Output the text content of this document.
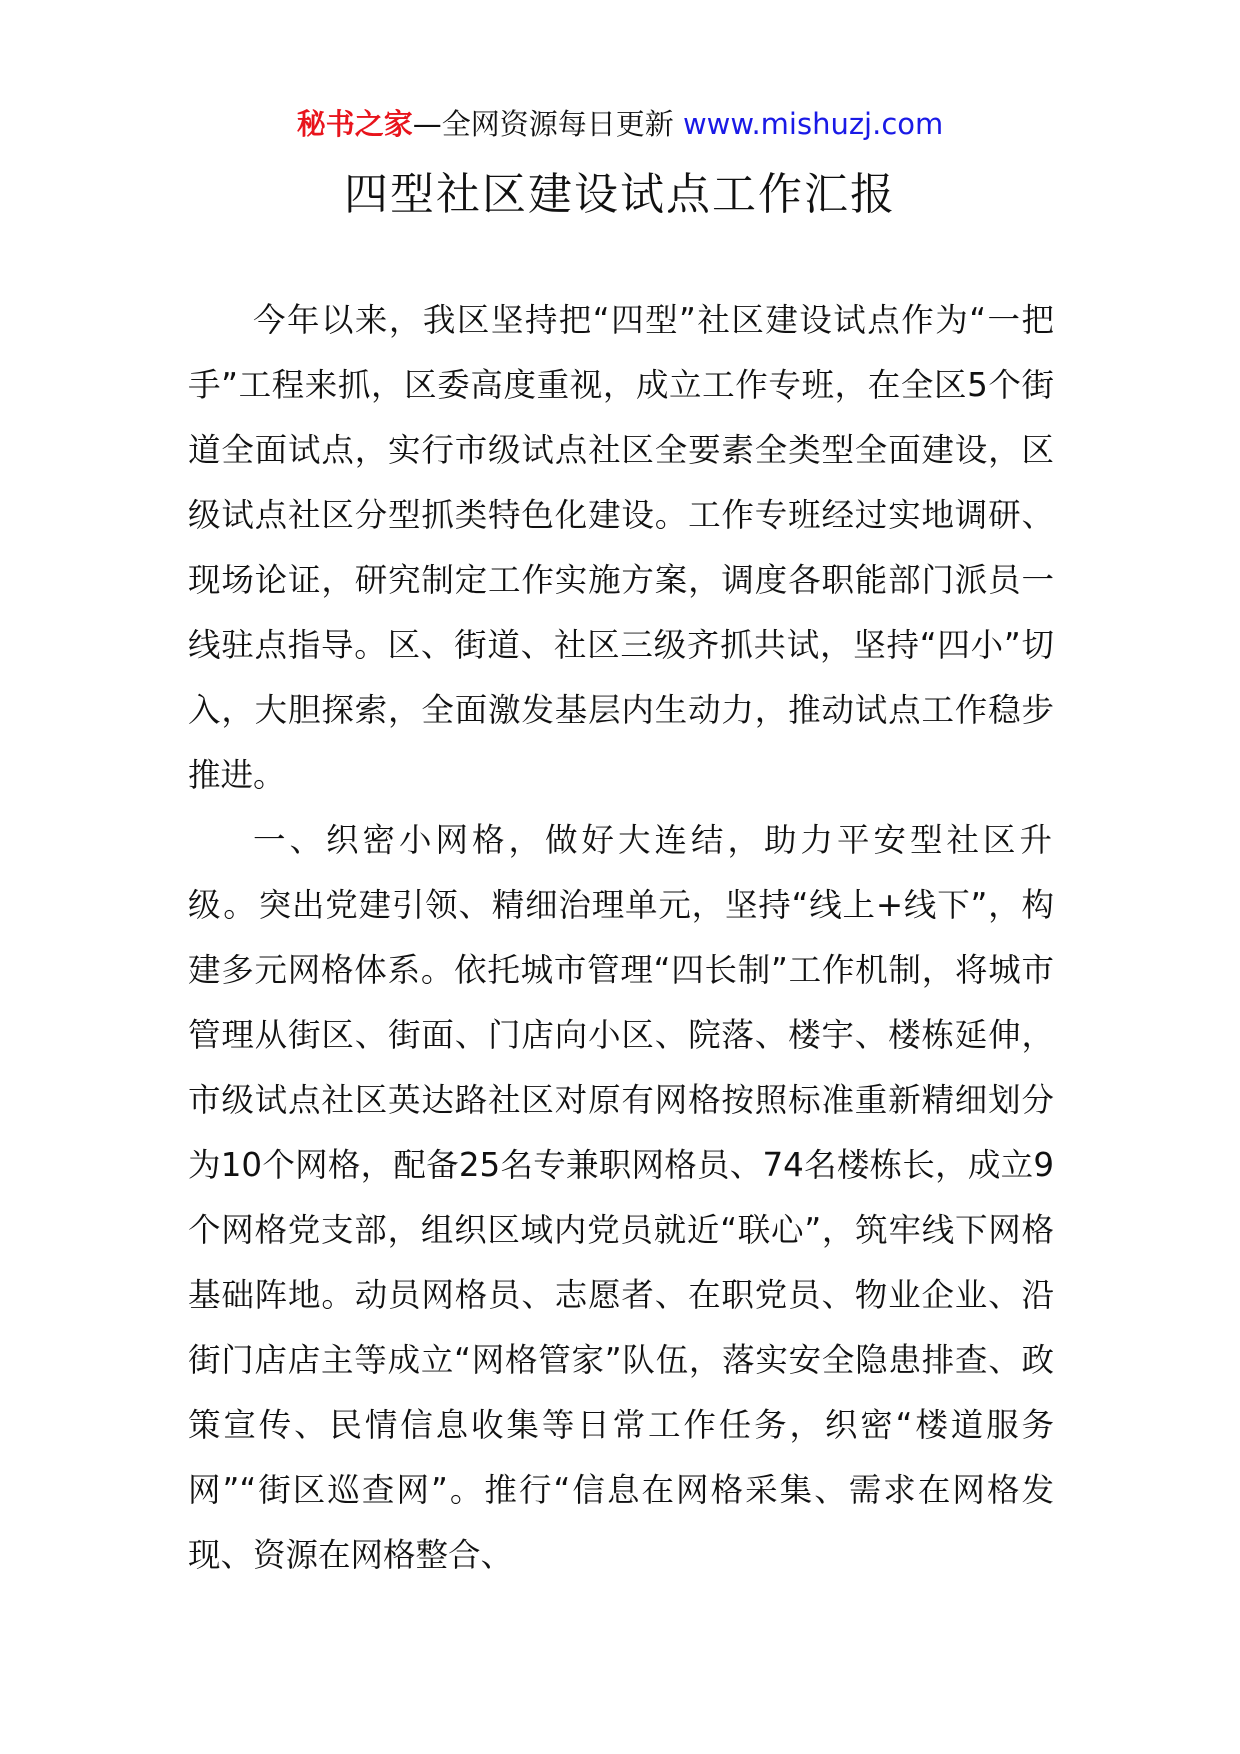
秘书之家—全网资源每日更新 www.mishuzj.com
四型社区建设试点工作汇报

今年以来，我区坚持把“四型”社区建设试点作为“一把手”工程来抓，区委高度重视，成立工作专班，在全区5个街道全面试点，实行市级试点社区全要素全类型全面建设，区级试点社区分型抓类特色化建设。工作专班经过实地调研、现场论证，研究制定工作实施方案，调度各职能部门派员一线驻点指导。区、街道、社区三级齐抓共试，坚持“四小”切入，大胆探索，全面激发基层内生动力，推动试点工作稳步推进。

一、织密小网格，做好大连结，助力平安型社区升级。突出党建引领、精细治理单元，坚持“线上+线下”，构建多元网格体系。依托城市管理“四长制”工作机制，将城市管理从街区、街面、门店向小区、院落、楼宇、楼栋延伸，市级试点社区英达路社区对原有网格按照标准重新精细划分为10个网格，配备25名专兼职网格员、74名楼栋长，成立9个网格党支部，组织区域内党员就近“联心”，筑牢线下网格基础阵地。动员网格员、志愿者、在职党员、物业企业、沿街门店店主等成立“网格管家”队伍，落实安全隐患排查、政策宣传、民情信息收集等日常工作任务，织密“楼道服务网”“街区巡查网”。推行“信息在网格采集、需求在网格发现、资源在网格整合、
